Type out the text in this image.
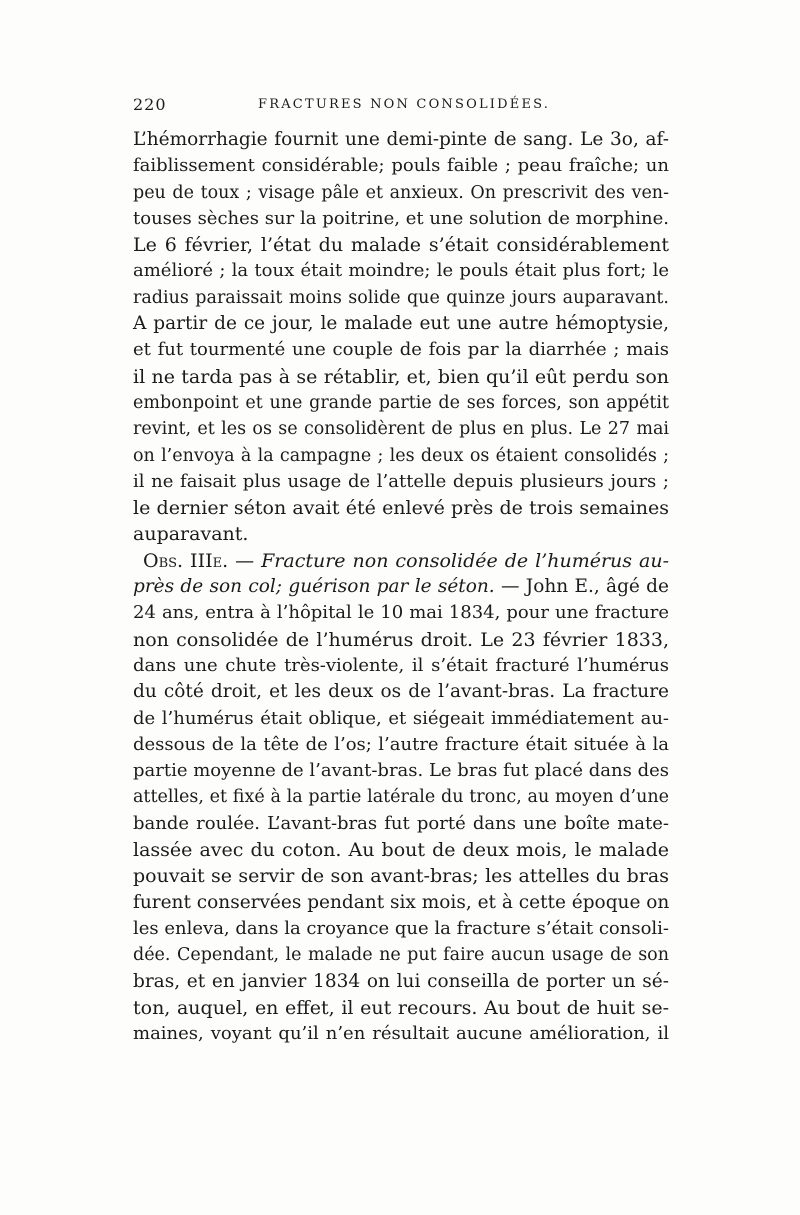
220	FRACTURES NON CONSOLIDÉES.
L’hémorrhagie fournit une demi-pinte de sang. Le 3o, af-
faiblissement considérable; pouls faible ; peau fraîche; un
peu de toux ; visage pâle et anxieux. On prescrivit des ven-
touses sèches sur la poitrine, et une solution de morphine.
Le 6 février, l’état du malade s’était considérablement
amélioré ; la toux était moindre; le pouls était plus fort; le
radius paraissait moins solide que quinze jours auparavant.
A partir de ce jour, le malade eut une autre hémoptysie,
et fut tourmenté une couple de fois par la diarrhée ; mais
il ne tarda pas à se rétablir, et, bien qu’il eût perdu son
embonpoint et une grande partie de ses forces, son appétit
revint, et les os se consolidèrent de plus en plus. Le 27 mai
on l’envoya à la campagne ; les deux os étaient consolidés ;
il ne faisait plus usage de l’attelle depuis plusieurs jours ;
le dernier séton avait été enlevé près de trois semaines
auparavant.
Obs. IIIe. — Fracture non consolidée de l’humérus au-
près de son col; guérison par le séton. — John E., âgé de
24 ans, entra à l’hôpital le 10 mai 1834, pour une fracture
non consolidée de l’humérus droit. Le 23 février 1833,
dans une chute très-violente, il s’était fracturé l’humérus
du côté droit, et les deux os de l’avant-bras. La fracture
de l’humérus était oblique, et siégeait immédiatement au-
dessous de la tête de l’os; l’autre fracture était située à la
partie moyenne de l’avant-bras. Le bras fut placé dans des
attelles, et fixé à la partie latérale du tronc, au moyen d’une
bande roulée. L’avant-bras fut porté dans une boîte mate-
lassée avec du coton. Au bout de deux mois, le malade
pouvait se servir de son avant-bras; les attelles du bras
furent conservées pendant six mois, et à cette époque on
les enleva, dans la croyance que la fracture s’était consoli-
dée. Cependant, le malade ne put faire aucun usage de son
bras, et en janvier 1834 on lui conseilla de porter un sé-
ton, auquel, en effet, il eut recours. Au bout de huit se-
maines, voyant qu’il n’en résultait aucune amélioration, il
